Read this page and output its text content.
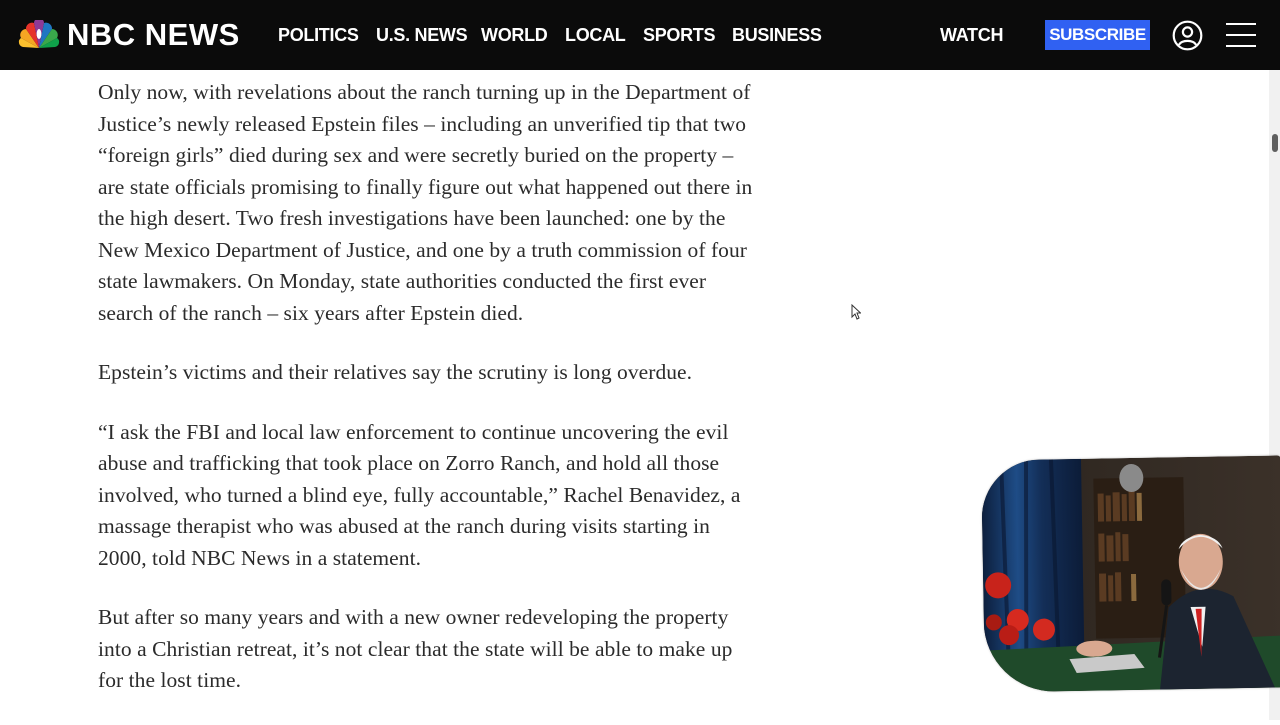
NBC NEWS POLITICS U.S. NEWS WORLD LOCAL SPORTS BUSINESS	WATCH	SUBSCRIBE

Only now, with revelations about the ranch turning up in the Department of Justice’s newly released Epstein files – including an unverified tip that two “foreign girls” died during sex and were secretly buried on the property – are state officials promising to finally figure out what happened out there in the high desert. Two fresh investigations have been launched: one by the New Mexico Department of Justice, and one by a truth commission of four state lawmakers. On Monday, state authorities conducted the first ever search of the ranch – six years after Epstein died.

Epstein’s victims and their relatives say the scrutiny is long overdue.

“I ask the FBI and local law enforcement to continue uncovering the evil abuse and trafficking that took place on Zorro Ranch, and hold all those involved, who turned a blind eye, fully accountable,” Rachel Benavidez, a massage therapist who was abused at the ranch during visits starting in 2000, told NBC News in a statement.

But after so many years and with a new owner redeveloping the property into a Christian retreat, it’s not clear that the state will be able to make up for the lost time.
